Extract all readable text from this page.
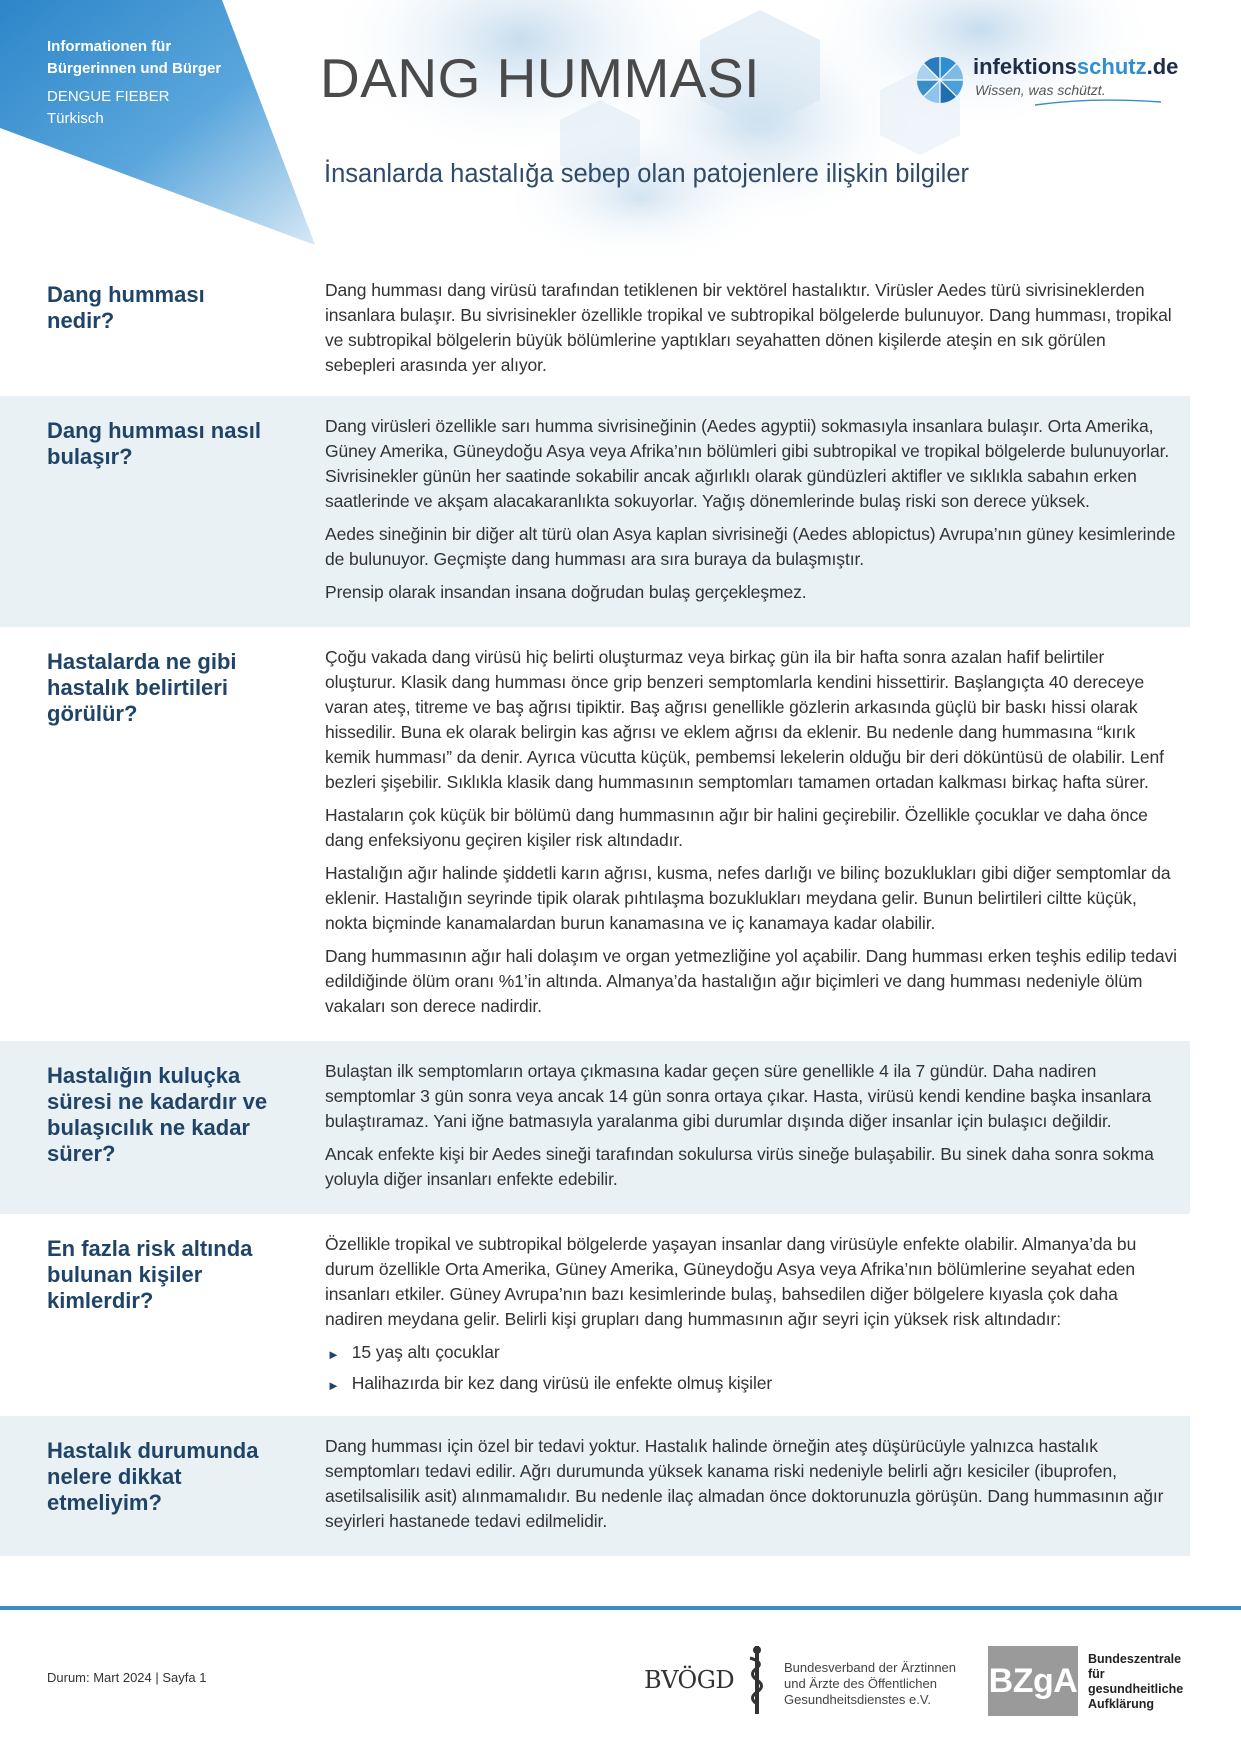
Informationen für
Bürgerinnen und Bürger
DENGUE FIEBER
Türkisch
DANG HUMMASI
İnsanlarda hastalığa sebep olan patojenlere ilişkin bilgiler
infektionsschutz.de
Wissen, was schützt.
Dang humması nedir?

Dang humması dang virüsü tarafından tetiklenen bir vektörel hastalıktır. Virüsler Aedes türü sivrisineklerden insanlara bulaşır. Bu sivrisinekler özellikle tropikal ve subtropikal bölgelerde bulunuyor. Dang humması, tropikal ve subtropikal bölgelerin büyük bölümlerine yaptıkları seyahatten dönen kişilerde ateşin en sık görülen sebepleri arasında yer alıyor.

Dang humması nasıl bulaşır?

Dang virüsleri özellikle sarı humma sivrisineğinin (Aedes agyptii) sokmasıyla insanlara bulaşır. Orta Amerika, Güney Amerika, Güneydoğu Asya veya Afrika’nın bölümleri gibi subtropikal ve tropikal bölgelerde bulunuyorlar. Sivrisinekler günün her saatinde sokabilir ancak ağırlıklı olarak gündüzleri aktifler ve sıklıkla sabahın erken saatlerinde ve akşam alacakaranlıkta sokuyorlar. Yağış dönemlerinde bulaş riski son derece yüksek.

Aedes sineğinin bir diğer alt türü olan Asya kaplan sivrisineği (Aedes ablopictus) Avrupa’nın güney kesimlerinde de bulunuyor. Geçmişte dang humması ara sıra buraya da bulaşmıştır.

Prensip olarak insandan insana doğrudan bulaş gerçekleşmez.

Hastalarda ne gibi hastalık belirtileri görülür?

Çoğu vakada dang virüsü hiç belirti oluşturmaz veya birkaç gün ila bir hafta sonra azalan hafif belirtiler oluşturur. Klasik dang humması önce grip benzeri semptomlarla kendini hissettirir. Başlangıçta 40 dereceye varan ateş, titreme ve baş ağrısı tipiktir. Baş ağrısı genellikle gözlerin arkasında güçlü bir baskı hissi olarak hissedilir. Buna ek olarak belirgin kas ağrısı ve eklem ağrısı da eklenir. Bu nedenle dang hummasına “kırık kemik humması” da denir. Ayrıca vücutta küçük, pembemsi lekelerin olduğu bir deri döküntüsü de olabilir. Lenf bezleri şişebilir. Sıklıkla klasik dang hummasının semptomları tamamen ortadan kalkması birkaç hafta sürer.

Hastaların çok küçük bir bölümü dang hummasının ağır bir halini geçirebilir. Özellikle çocuklar ve daha önce dang enfeksiyonu geçiren kişiler risk altındadır.

Hastalığın ağır halinde şiddetli karın ağrısı, kusma, nefes darlığı ve bilinç bozuklukları gibi diğer semptomlar da eklenir. Hastalığın seyrinde tipik olarak pıhtılaşma bozuklukları meydana gelir. Bunun belirtileri ciltte küçük, nokta biçminde kanamalardan burun kanamasına ve iç kanamaya kadar olabilir.

Dang hummasının ağır hali dolaşım ve organ yetmezliğine yol açabilir. Dang humması erken teşhis edilip tedavi edildiğinde ölüm oranı %1’in altında. Almanya’da hastalığın ağır biçimleri ve dang humması nedeniyle ölüm vakaları son derece nadirdir.

Hastalığın kuluçka süresi ne kadardır ve bulaşıcılık ne kadar sürer?

Bulaştan ilk semptomların ortaya çıkmasına kadar geçen süre genellikle 4 ila 7 gündür. Daha nadiren semptomlar 3 gün sonra veya ancak 14 gün sonra ortaya çıkar. Hasta, virüsü kendi kendine başka insanlara bulaştıramaz. Yani iğne batmasıyla yaralanma gibi durumlar dışında diğer insanlar için bulaşıcı değildir.

Ancak enfekte kişi bir Aedes sineği tarafından sokulursa virüs sineğe bulaşabilir. Bu sinek daha sonra sokma yoluyla diğer insanları enfekte edebilir.

En fazla risk altında bulunan kişiler kimlerdir?

Özellikle tropikal ve subtropikal bölgelerde yaşayan insanlar dang virüsüyle enfekte olabilir. Almanya’da bu durum özellikle Orta Amerika, Güney Amerika, Güneydoğu Asya veya Afrika’nın bölümlerine seyahat eden insanları etkiler. Güney Avrupa’nın bazı kesimlerinde bulaş, bahsedilen diğer bölgelere kıyasla çok daha nadiren meydana gelir. Belirli kişi grupları dang hummasının ağır seyri için yüksek risk altındadır:

► 15 yaş altı çocuklar
► Halihazırda bir kez dang virüsü ile enfekte olmuş kişiler
Hastalık durumunda nelere dikkat etmeliyim?

Dang humması için özel bir tedavi yoktur. Hastalık halinde örneğin ateş düşürücüyle yalnızca hastalık semptomları tedavi edilir. Ağrı durumunda yüksek kanama riski nedeniyle belirli ağrı kesiciler (ibuprofen, asetilsalisilik asit) alınmamalıdır. Bu nedenle ilaç almadan önce doktorunuzla görüşün. Dang hummasının ağır seyirleri hastanede tedavi edilmelidir.

Durum: Mart 2024 | Sayfa 1	BVÖGD	Bundesverband der Ärztinnen
und Ärzte des Öffentlichen
Gesundheitsdienstes e.V.	BZgA
Bundeszentrale
für
gesundheitliche
Aufklärung
